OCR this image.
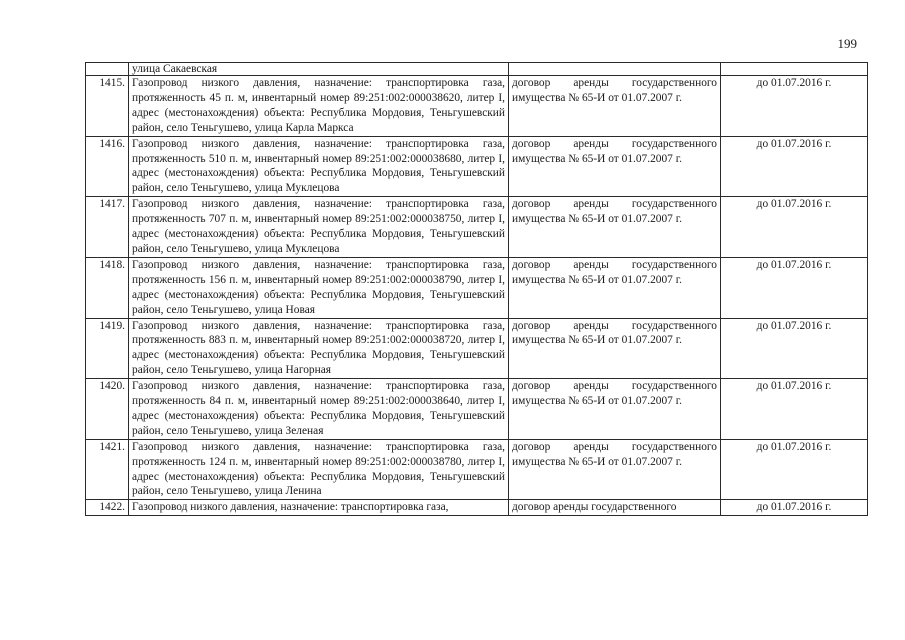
199
	улица Сакаевская		
1415.	Газопровод низкого давления, назначение: транспортировка газа, протяженность 45 п. м, инвентарный номер 89:251:002:000038620, литер I, адрес (местонахождения) объекта: Республика Мордовия, Теньгушевский район, село Теньгушево, улица Карла Маркса	договор аренды государственного имущества № 65-И от 01.07.2007 г.	до 01.07.2016 г.
1416.	Газопровод низкого давления, назначение: транспортировка газа, протяженность 510 п. м, инвентарный номер 89:251:002:000038680, литер I, адрес (местонахождения) объекта: Республика Мордовия, Теньгушевский район, село Теньгушево, улица Муклецова	договор аренды государственного имущества № 65-И от 01.07.2007 г.	до 01.07.2016 г.
1417.	Газопровод низкого давления, назначение: транспортировка газа, протяженность 707 п. м, инвентарный номер 89:251:002:000038750, литер I, адрес (местонахождения) объекта: Республика Мордовия, Теньгушевский район, село Теньгушево, улица Муклецова	договор аренды государственного имущества № 65-И от 01.07.2007 г.	до 01.07.2016 г.
1418.	Газопровод низкого давления, назначение: транспортировка газа, протяженность 156 п. м, инвентарный номер 89:251:002:000038790, литер I, адрес (местонахождения) объекта: Республика Мордовия, Теньгушевский район, село Теньгушево, улица Новая	договор аренды государственного имущества № 65-И от 01.07.2007 г.	до 01.07.2016 г.
1419.	Газопровод низкого давления, назначение: транспортировка газа, протяженность 883 п. м, инвентарный номер 89:251:002:000038720, литер I, адрес (местонахождения) объекта: Республика Мордовия, Теньгушевский район, село Теньгушево, улица Нагорная	договор аренды государственного имущества № 65-И от 01.07.2007 г.	до 01.07.2016 г.
1420.	Газопровод низкого давления, назначение: транспортировка газа, протяженность 84 п. м, инвентарный номер 89:251:002:000038640, литер I, адрес (местонахождения) объекта: Республика Мордовия, Теньгушевский район, село Теньгушево, улица Зеленая	договор аренды государственного имущества № 65-И от 01.07.2007 г.	до 01.07.2016 г.
1421.	Газопровод низкого давления, назначение: транспортировка газа, протяженность 124 п. м, инвентарный номер 89:251:002:000038780, литер I, адрес (местонахождения) объекта: Республика Мордовия, Теньгушевский район, село Теньгушево, улица Ленина	договор аренды государственного имущества № 65-И от 01.07.2007 г.	до 01.07.2016 г.
1422.	Газопровод низкого давления, назначение: транспортировка газа,	договор аренды государственного	до 01.07.2016 г.
